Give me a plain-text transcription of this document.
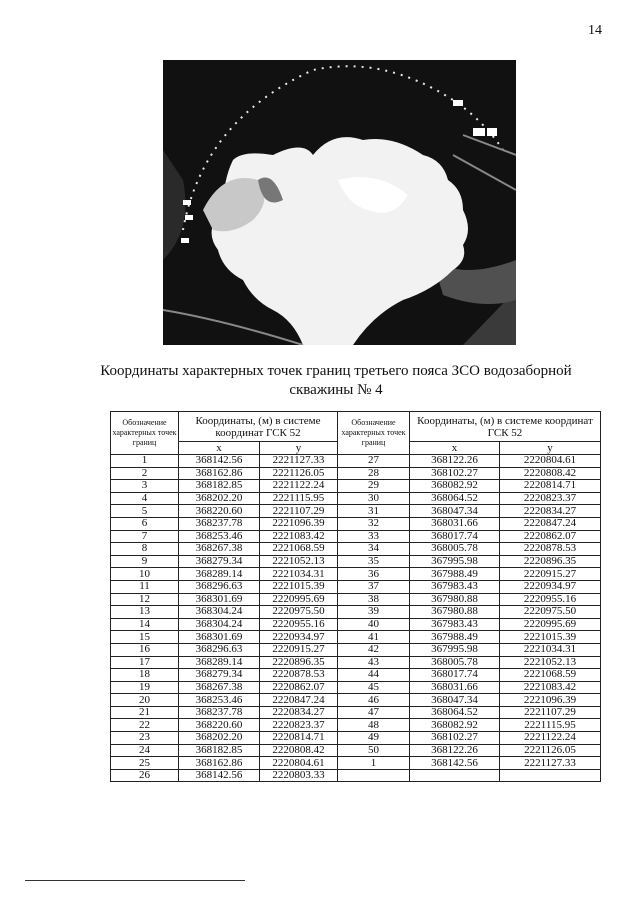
14
Координаты характерных точек границ третьего пояса ЗСО водозаборной
скважины № 4
Обозначение характерных точек границ	Координаты, (м) в системе координат ГСК 52		Обозначение характерных точек границ	Координаты, (м) в системе координат ГСК 52	
	x	y		x	y
1	368142.56	2221127.33	27	368122.26	2220804.61
2	368162.86	2221126.05	28	368102.27	2220808.42
3	368182.85	2221122.24	29	368082.92	2220814.71
4	368202.20	2221115.95	30	368064.52	2220823.37
5	368220.60	2221107.29	31	368047.34	2220834.27
6	368237.78	2221096.39	32	368031.66	2220847.24
7	368253.46	2221083.42	33	368017.74	2220862.07
8	368267.38	2221068.59	34	368005.78	2220878.53
9	368279.34	2221052.13	35	367995.98	2220896.35
10	368289.14	2221034.31	36	367988.49	2220915.27
11	368296.63	2221015.39	37	367983.43	2220934.97
12	368301.69	2220995.69	38	367980.88	2220955.16
13	368304.24	2220975.50	39	367980.88	2220975.50
14	368304.24	2220955.16	40	367983.43	2220995.69
15	368301.69	2220934.97	41	367988.49	2221015.39
16	368296.63	2220915.27	42	367995.98	2221034.31
17	368289.14	2220896.35	43	368005.78	2221052.13
18	368279.34	2220878.53	44	368017.74	2221068.59
19	368267.38	2220862.07	45	368031.66	2221083.42
20	368253.46	2220847.24	46	368047.34	2221096.39
21	368237.78	2220834.27	47	368064.52	2221107.29
22	368220.60	2220823.37	48	368082.92	2221115.95
23	368202.20	2220814.71	49	368102.27	2221122.24
24	368182.85	2220808.42	50	368122.26	2221126.05
25	368162.86	2220804.61	1	368142.56	2221127.33
26	368142.56	2220803.33			
